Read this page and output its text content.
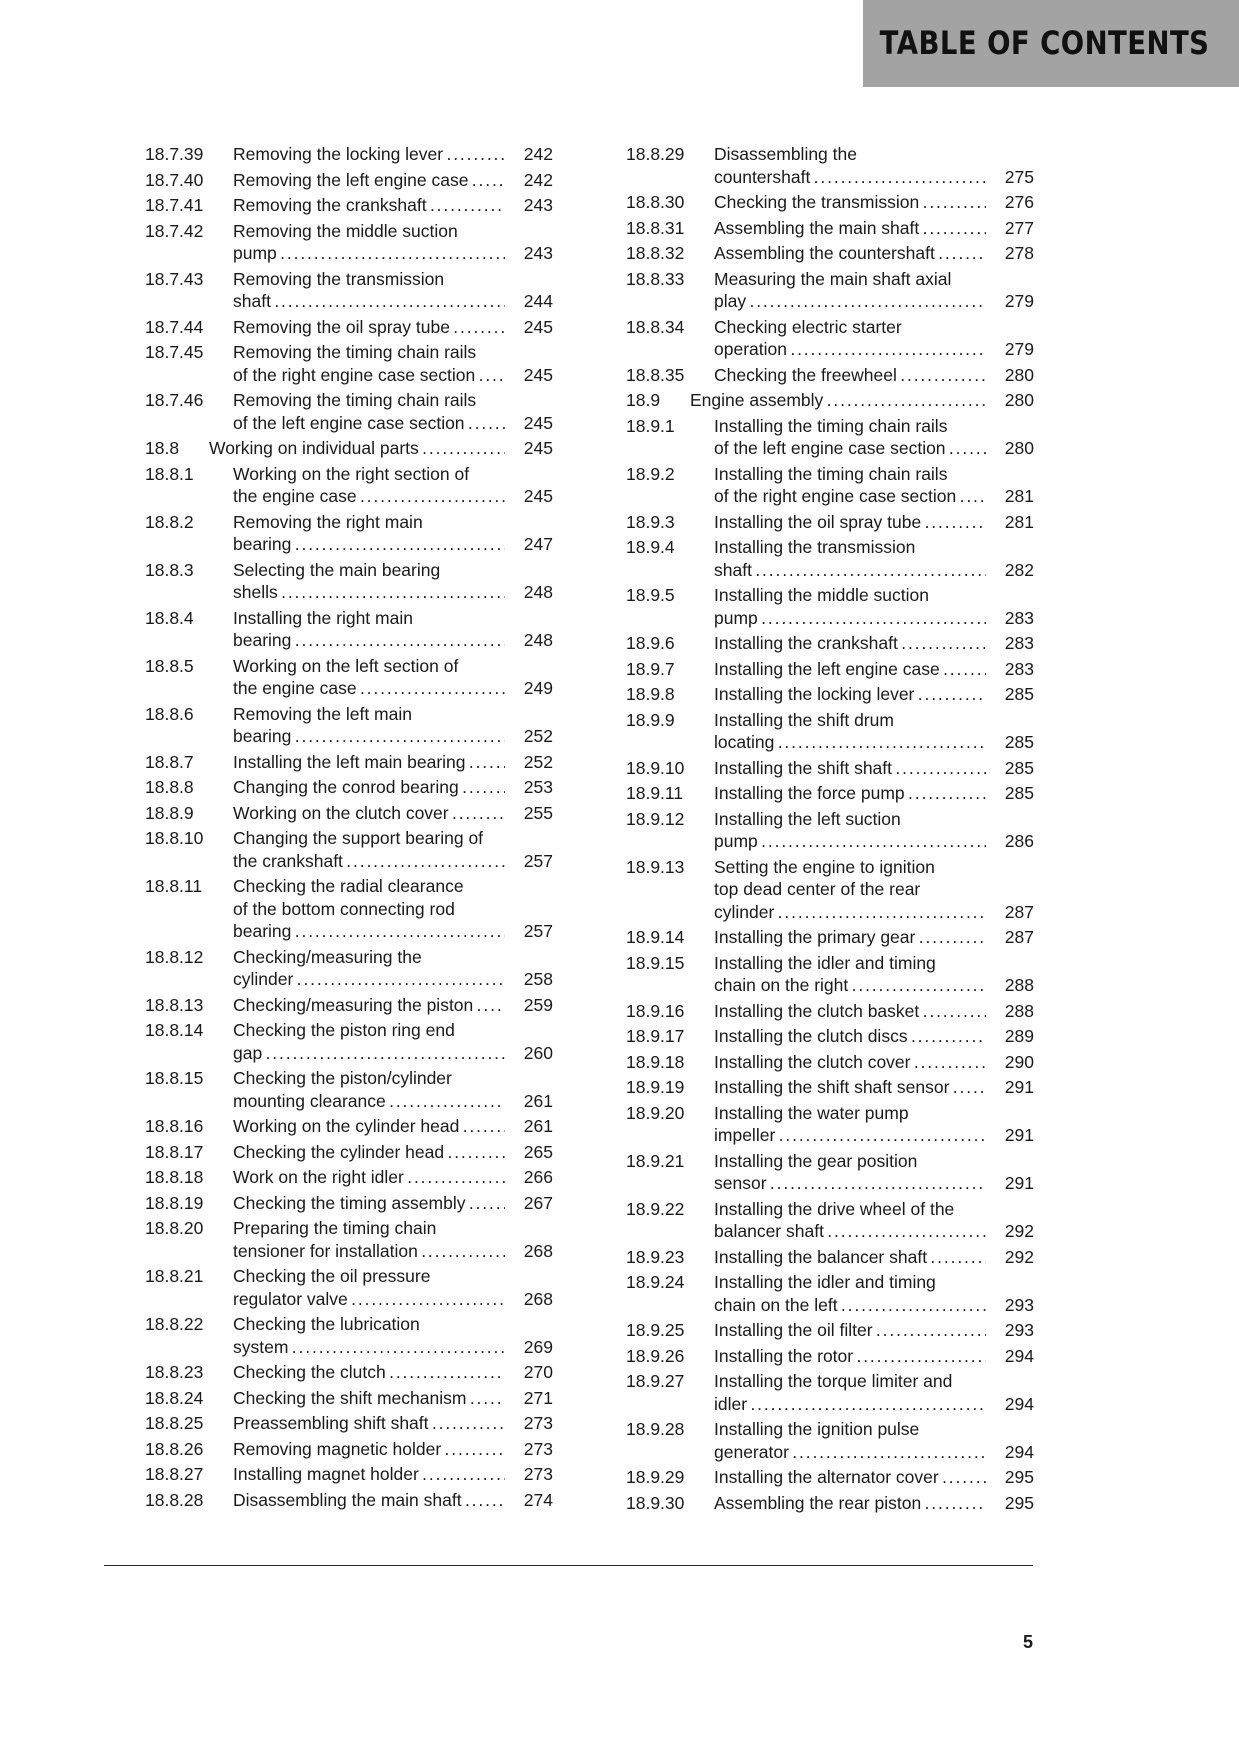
TABLE OF CONTENTS
18.7.39 Removing the locking lever . . .	242
18.7.40 Removing the left engine case . . .	242
18.7.41 Removing the crankshaft . . .	243
18.7.42 Removing the middle suction
pump . . .	243
18.7.43 Removing the transmission
shaft . . .	244
18.7.44 Removing the oil spray tube . . .	245
18.7.45 Removing the timing chain rails
of the right engine case section . . .	245
18.7.46 Removing the timing chain rails
of the left engine case section . . .	245
18.8 Working on individual parts . . .	245
18.8.1 Working on the right section of
the engine case . . .	245
18.8.2 Removing the right main
bearing . . .	247
18.8.3 Selecting the main bearing
shells . . .	248
18.8.4 Installing the right main
bearing . . .	248
18.8.5 Working on the left section of
the engine case . . .	249
18.8.6 Removing the left main
bearing . . .	252
18.8.7 Installing the left main bearing . . .	252
18.8.8 Changing the conrod bearing . . .	253
18.8.9 Working on the clutch cover . . .	255
18.8.10 Changing the support bearing of
the crankshaft . . .	257
18.8.11 Checking the radial clearance
of the bottom connecting rod
bearing . . .	257
18.8.12 Checking/measuring the
cylinder . . .	258
18.8.13 Checking/measuring the piston . . .	259
18.8.14 Checking the piston ring end
gap . . .	260
18.8.15 Checking the piston/cylinder
mounting clearance . . .	261
18.8.16 Working on the cylinder head . . .	261
18.8.17 Checking the cylinder head . . .	265
18.8.18 Work on the right idler . . .	266
18.8.19 Checking the timing assembly . . .	267
18.8.20 Preparing the timing chain
tensioner for installation . . .	268
18.8.21 Checking the oil pressure
regulator valve . . .	268
18.8.22 Checking the lubrication
system . . .	269
18.8.23 Checking the clutch . . .	270
18.8.24 Checking the shift mechanism . . .	271
18.8.25 Preassembling shift shaft . . .	273
18.8.26 Removing magnetic holder . . .	273
18.8.27 Installing magnet holder . . .	273
18.8.28 Disassembling the main shaft . . .	274
18.8.29 Disassembling the
countershaft . . .	275
18.8.30 Checking the transmission . . .	276
18.8.31 Assembling the main shaft . . .	277
18.8.32 Assembling the countershaft . . .	278
18.8.33 Measuring the main shaft axial
play . . .	279
18.8.34 Checking electric starter
operation . . .	279
18.8.35 Checking the freewheel . . .	280
18.9 Engine assembly . . .	280
18.9.1 Installing the timing chain rails
of the left engine case section . . .	280
18.9.2 Installing the timing chain rails
of the right engine case section . . .	281
18.9.3 Installing the oil spray tube . . .	281
18.9.4 Installing the transmission
shaft . . .	282
18.9.5 Installing the middle suction
pump . . .	283
18.9.6 Installing the crankshaft . . .	283
18.9.7 Installing the left engine case . . .	283
18.9.8 Installing the locking lever . . .	285
18.9.9 Installing the shift drum
locating . . .	285
18.9.10 Installing the shift shaft . . .	285
18.9.11 Installing the force pump . . .	285
18.9.12 Installing the left suction
pump . . .	286
18.9.13 Setting the engine to ignition
top dead center of the rear
cylinder . . .	287
18.9.14 Installing the primary gear . . .	287
18.9.15 Installing the idler and timing
chain on the right . . .	288
18.9.16 Installing the clutch basket . . .	288
18.9.17 Installing the clutch discs . . .	289
18.9.18 Installing the clutch cover . . .	290
18.9.19 Installing the shift shaft sensor . . .	291
18.9.20 Installing the water pump
impeller . . .	291
18.9.21 Installing the gear position
sensor . . .	291
18.9.22 Installing the drive wheel of the
balancer shaft . . .	292
18.9.23 Installing the balancer shaft . . .	292
18.9.24 Installing the idler and timing
chain on the left . . .	293
18.9.25 Installing the oil filter . . .	293
18.9.26 Installing the rotor . . .	294
18.9.27 Installing the torque limiter and
idler . . .	294
18.9.28 Installing the ignition pulse
generator . . .	294
18.9.29 Installing the alternator cover . . .	295
18.9.30 Assembling the rear piston . . .	295
5
